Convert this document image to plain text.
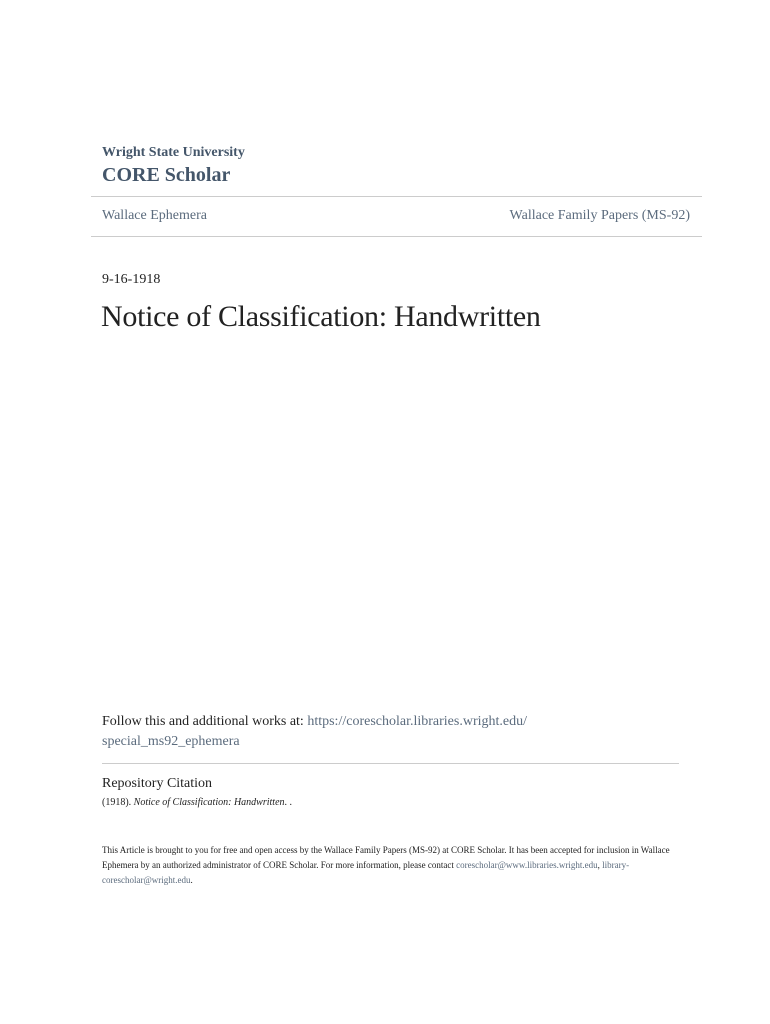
Wright State University
CORE Scholar
Wallace Ephemera	Wallace Family Papers (MS-92)
9-16-1918
Notice of Classification: Handwritten
Follow this and additional works at: https://corescholar.libraries.wright.edu/
special_ms92_ephemera
Repository Citation
(1918). Notice of Classification: Handwritten. .
This Article is brought to you for free and open access by the Wallace Family Papers (MS-92) at CORE Scholar. It has been accepted for inclusion in Wallace Ephemera by an authorized administrator of CORE Scholar. For more information, please contact corescholar@www.libraries.wright.edu, library-corescholar@wright.edu.
